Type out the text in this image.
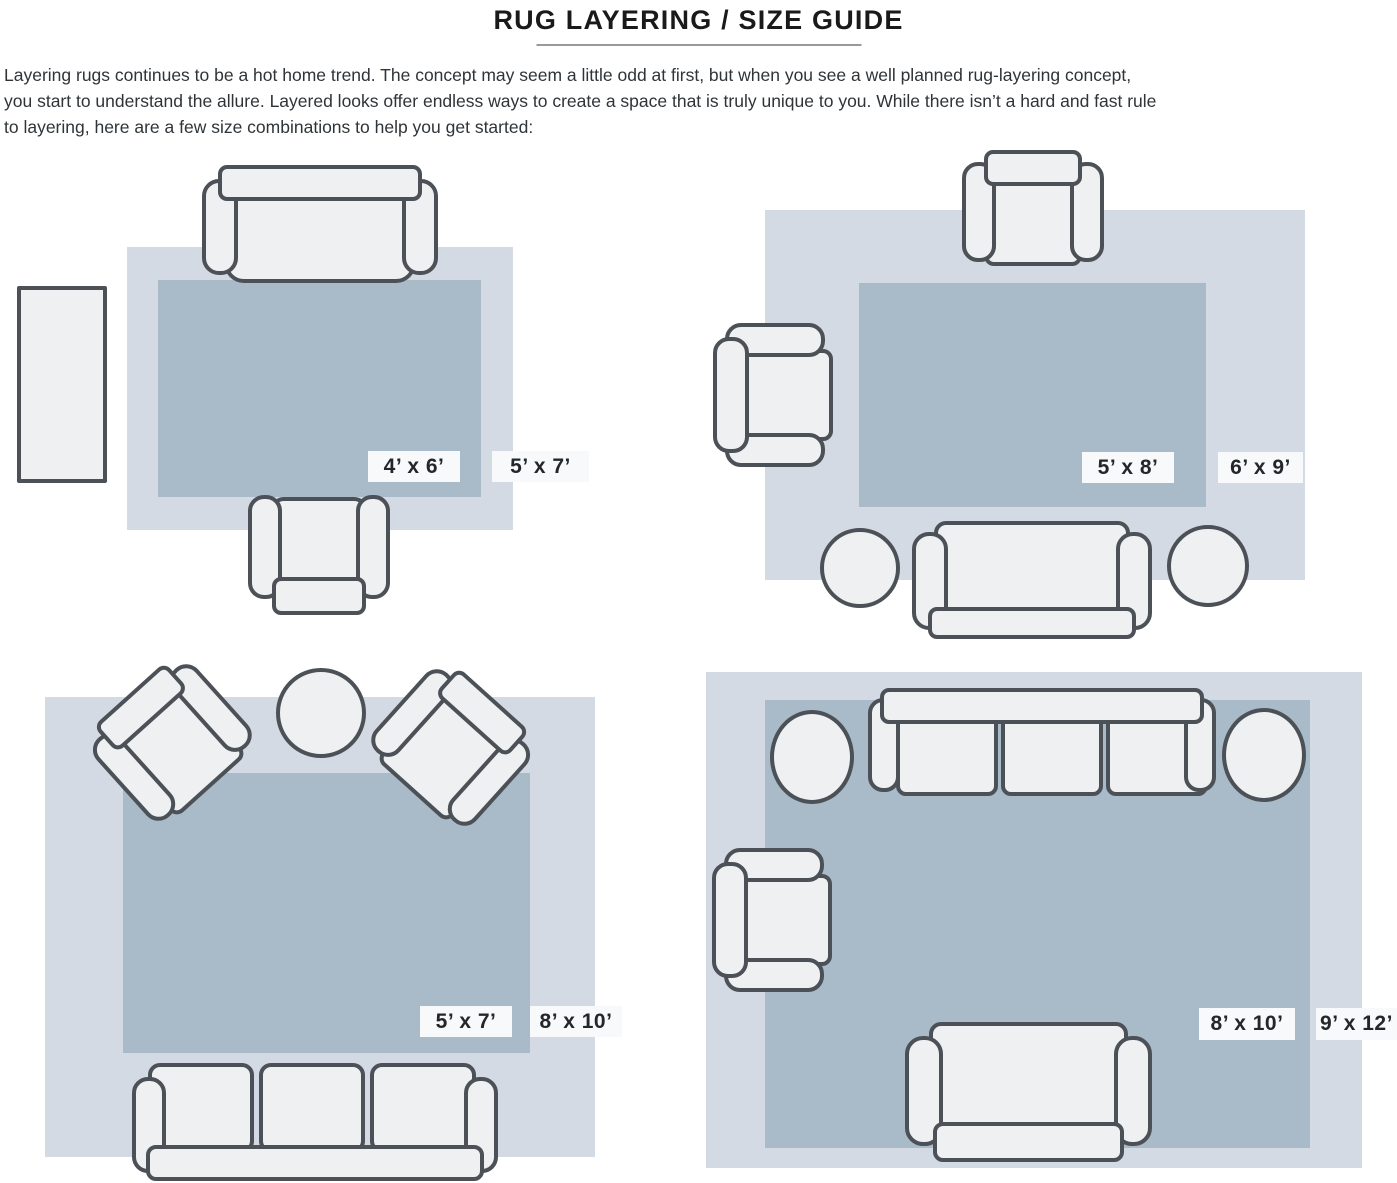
RUG LAYERING / SIZE GUIDE
Layering rugs continues to be a hot home trend. The concept may seem a little odd at first, but when you see a well planned rug-layering concept,
you start to understand the allure. Layered looks offer endless ways to create a space that is truly unique to you. While there isn’t a hard and fast rule
to layering, here are a few size combinations to help you get started:
4’ x 6’	5’ x 7’	5’ x 8’	6’ x 9’
5’ x 7’	8’ x 10’	8’ x 10’	9’ x 12’
